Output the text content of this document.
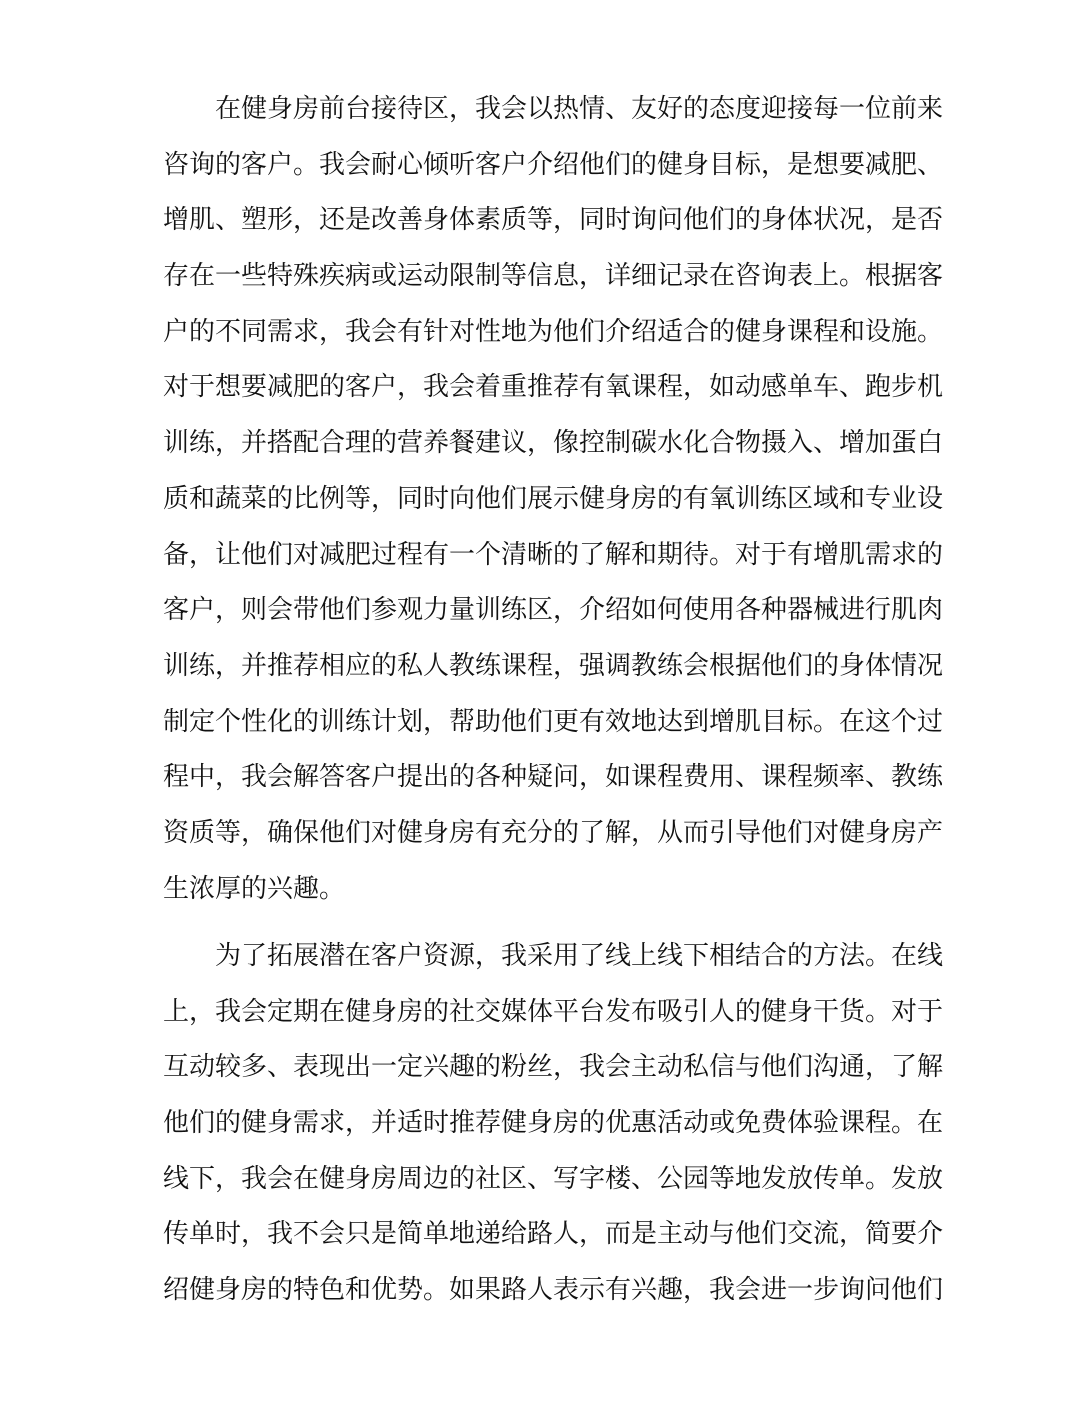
在健身房前台接待区，我会以热情、友好的态度迎接每一位前来
咨询的客户。我会耐心倾听客户介绍他们的健身目标，是想要减肥、
增肌、塑形，还是改善身体素质等，同时询问他们的身体状况，是否
存在一些特殊疾病或运动限制等信息，详细记录在咨询表上。根据客
户的不同需求，我会有针对性地为他们介绍适合的健身课程和设施。
对于想要减肥的客户，我会着重推荐有氧课程，如动感单车、跑步机
训练，并搭配合理的营养餐建议，像控制碳水化合物摄入、增加蛋白
质和蔬菜的比例等，同时向他们展示健身房的有氧训练区域和专业设
备，让他们对减肥过程有一个清晰的了解和期待。对于有增肌需求的
客户，则会带他们参观力量训练区，介绍如何使用各种器械进行肌肉
训练，并推荐相应的私人教练课程，强调教练会根据他们的身体情况
制定个性化的训练计划，帮助他们更有效地达到增肌目标。在这个过
程中，我会解答客户提出的各种疑问，如课程费用、课程频率、教练
资质等，确保他们对健身房有充分的了解，从而引导他们对健身房产
生浓厚的兴趣。
为了拓展潜在客户资源，我采用了线上线下相结合的方法。在线
上，我会定期在健身房的社交媒体平台发布吸引人的健身干货。对于
互动较多、表现出一定兴趣的粉丝，我会主动私信与他们沟通，了解
他们的健身需求，并适时推荐健身房的优惠活动或免费体验课程。在
线下，我会在健身房周边的社区、写字楼、公园等地发放传单。发放
传单时，我不会只是简单地递给路人，而是主动与他们交流，简要介
绍健身房的特色和优势。如果路人表示有兴趣，我会进一步询问他们
